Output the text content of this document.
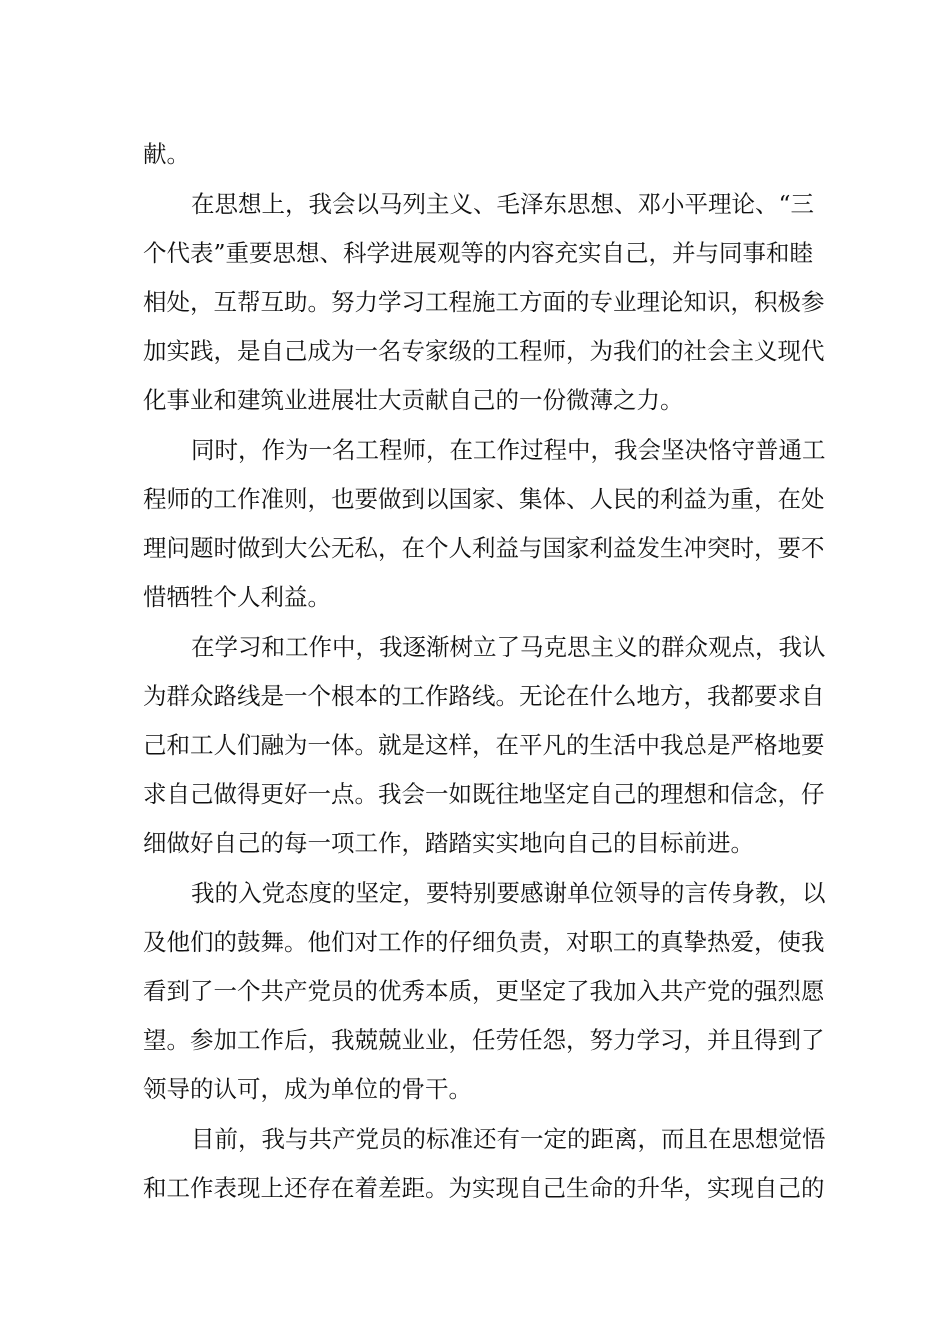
献。
在思想上，我会以马列主义、毛泽东思想、邓小平理论、“三
个代表”重要思想、科学进展观等的内容充实自己，并与同事和睦
相处，互帮互助。努力学习工程施工方面的专业理论知识，积极参
加实践，是自己成为一名专家级的工程师，为我们的社会主义现代
化事业和建筑业进展壮大贡献自己的一份微薄之力。
同时，作为一名工程师，在工作过程中，我会坚决恪守普通工
程师的工作准则，也要做到以国家、集体、人民的利益为重，在处
理问题时做到大公无私，在个人利益与国家利益发生冲突时，要不
惜牺牲个人利益。
在学习和工作中，我逐渐树立了马克思主义的群众观点，我认
为群众路线是一个根本的工作路线。无论在什么地方，我都要求自
己和工人们融为一体。就是这样，在平凡的生活中我总是严格地要
求自己做得更好一点。我会一如既往地坚定自己的理想和信念，仔
细做好自己的每一项工作，踏踏实实地向自己的目标前进。
我的入党态度的坚定，要特别要感谢单位领导的言传身教，以
及他们的鼓舞。他们对工作的仔细负责，对职工的真挚热爱，使我
看到了一个共产党员的优秀本质，更坚定了我加入共产党的强烈愿
望。参加工作后，我兢兢业业，任劳任怨，努力学习，并且得到了
领导的认可，成为单位的骨干。
目前，我与共产党员的标准还有一定的距离，而且在思想觉悟
和工作表现上还存在着差距。为实现自己生命的升华，实现自己的
